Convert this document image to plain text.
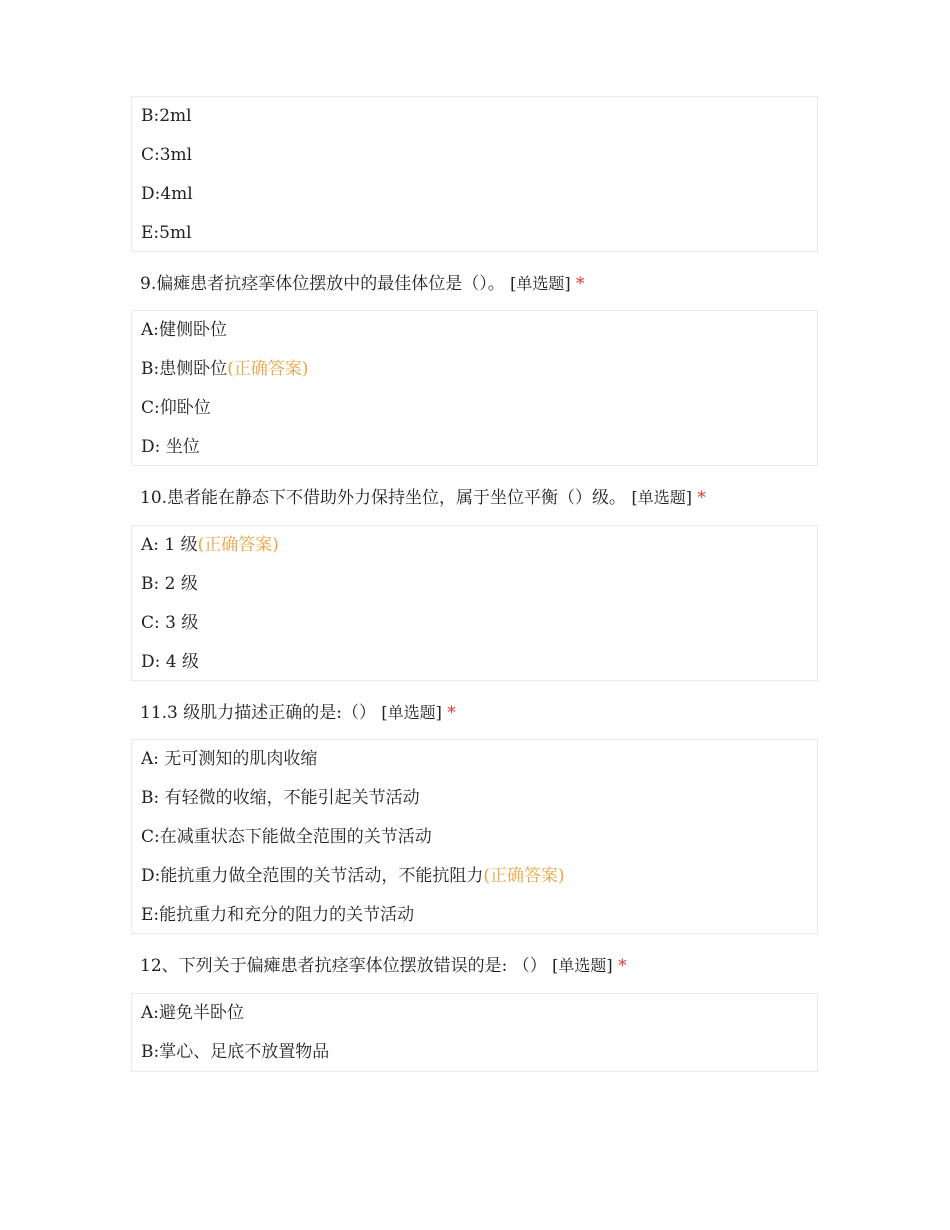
B:2ml
C:3ml
D:4ml
E:5ml
9.偏瘫患者抗痉挛体位摆放中的最佳体位是（）。 [单选题] *
A:健侧卧位
B:患侧卧位(正确答案)
C:仰卧位
D: 坐位
10.患者能在静态下不借助外力保持坐位，属于坐位平衡（）级。 [单选题] *
A: 1 级(正确答案)
B: 2 级
C: 3 级
D: 4 级
11.3 级肌力描述正确的是:（） [单选题] *
A: 无可测知的肌肉收缩
B: 有轻微的收缩，不能引起关节活动
C:在减重状态下能做全范围的关节活动
D:能抗重力做全范围的关节活动，不能抗阻力(正确答案)
E:能抗重力和充分的阻力的关节活动
12、下列关于偏瘫患者抗痉挛体位摆放错误的是: （） [单选题] *
A:避免半卧位
B:掌心、足底不放置物品
